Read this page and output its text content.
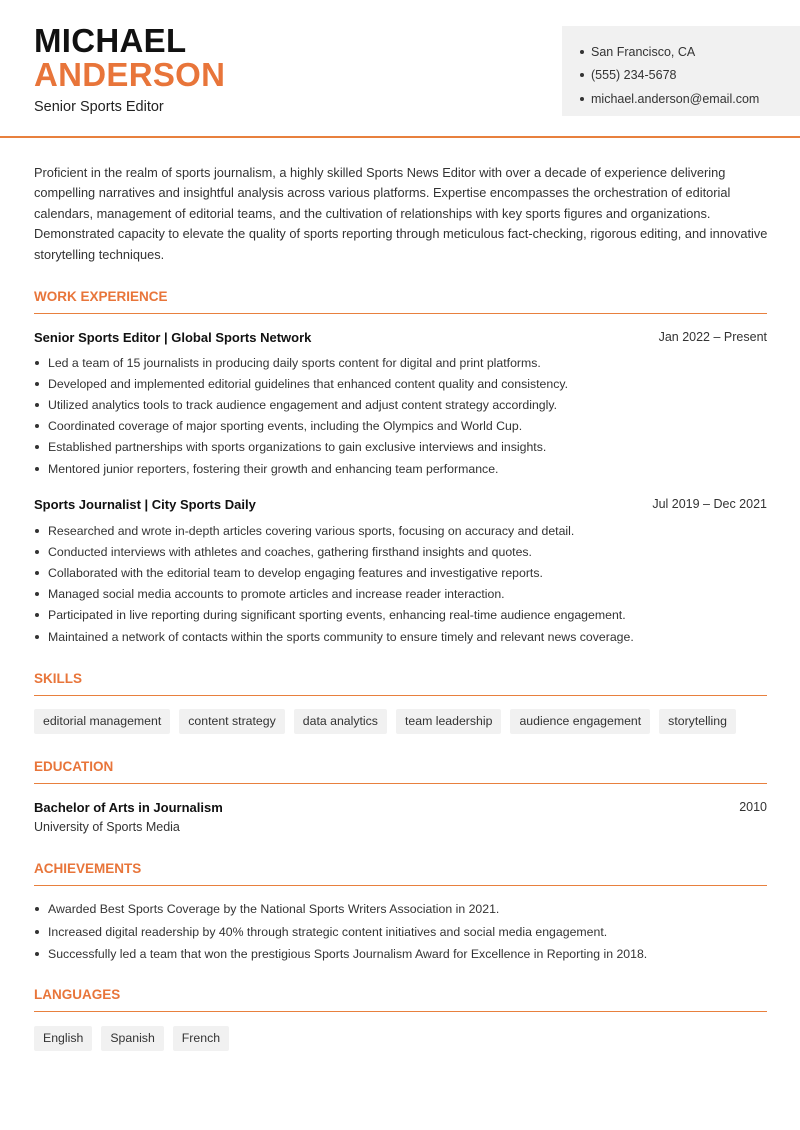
MICHAEL
ANDERSON
Senior Sports Editor
San Francisco, CA
(555) 234-5678
michael.anderson@email.com

Proficient in the realm of sports journalism, a highly skilled Sports News Editor with over a decade of experience delivering compelling narratives and insightful analysis across various platforms. Expertise encompasses the orchestration of editorial calendars, management of editorial teams, and the cultivation of relationships with key sports figures and organizations. Demonstrated capacity to elevate the quality of sports reporting through meticulous fact-checking, rigorous editing, and innovative storytelling techniques.

WORK EXPERIENCE
Senior Sports Editor | Global Sports Network	Jan 2022 – Present
Led a team of 15 journalists in producing daily sports content for digital and print platforms.
Developed and implemented editorial guidelines that enhanced content quality and consistency.
Utilized analytics tools to track audience engagement and adjust content strategy accordingly.
Coordinated coverage of major sporting events, including the Olympics and World Cup.
Established partnerships with sports organizations to gain exclusive interviews and insights.
Mentored junior reporters, fostering their growth and enhancing team performance.
Sports Journalist | City Sports Daily	Jul 2019 – Dec 2021
Researched and wrote in-depth articles covering various sports, focusing on accuracy and detail.
Conducted interviews with athletes and coaches, gathering firsthand insights and quotes.
Collaborated with the editorial team to develop engaging features and investigative reports.
Managed social media accounts to promote articles and increase reader interaction.
Participated in live reporting during significant sporting events, enhancing real-time audience engagement.
Maintained a network of contacts within the sports community to ensure timely and relevant news coverage.
SKILLS
editorial management	content strategy	data analytics	team leadership	audience engagement	storytelling
EDUCATION
Bachelor of Arts in Journalism	2010
University of Sports Media
ACHIEVEMENTS
Awarded Best Sports Coverage by the National Sports Writers Association in 2021.
Increased digital readership by 40% through strategic content initiatives and social media engagement.
Successfully led a team that won the prestigious Sports Journalism Award for Excellence in Reporting in 2018.
LANGUAGES
English	Spanish	French
